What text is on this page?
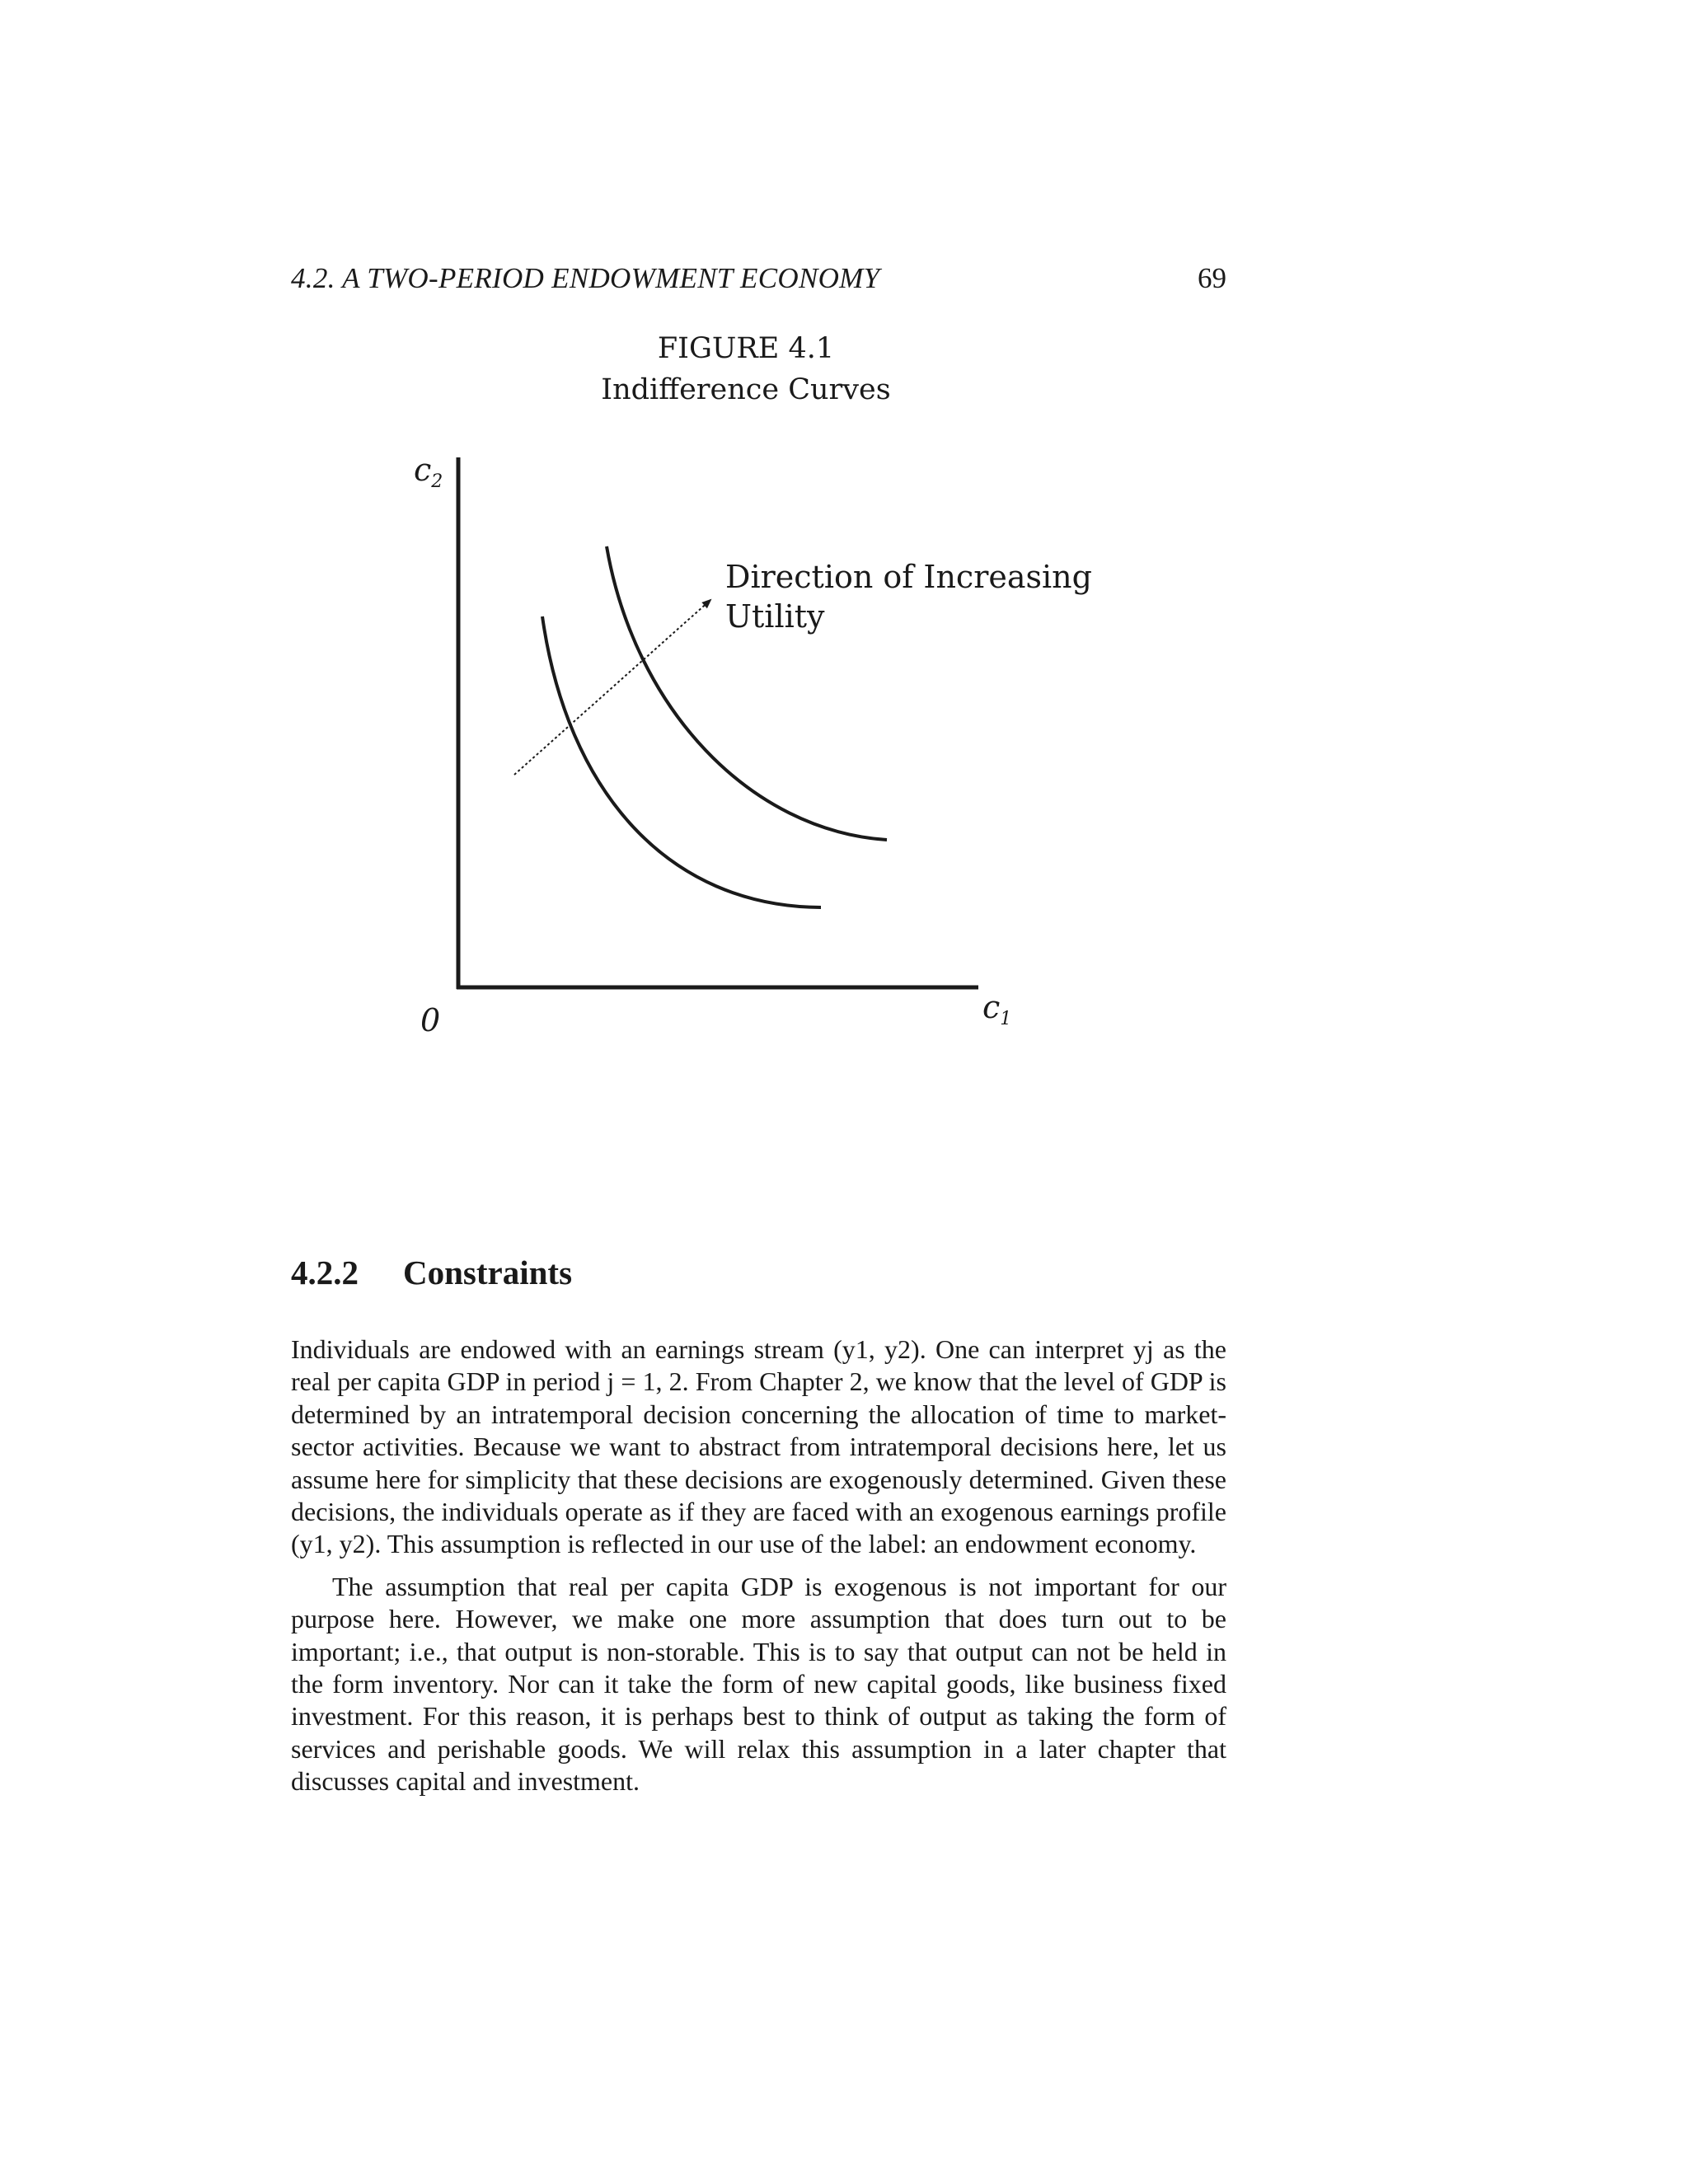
4.2. A TWO-PERIOD ENDOWMENT ECONOMY	69
FIGURE 4.1
Indifference Curves
$c_2$
$c_1$
0
Direction of Increasing
Utility
4.2.2 Constraints

Individuals are endowed with an earnings stream (y1, y2). One can interpret yj as the real per capita GDP in period j = 1, 2. From Chapter 2, we know that the level of GDP is determined by an intratemporal decision concerning the allocation of time to market-sector activities. Because we want to abstract from intratemporal decisions here, let us assume here for simplicity that these decisions are exogenously determined. Given these decisions, the individuals operate as if they are faced with an exogenous earnings profile (y1, y2). This assumption is reflected in our use of the label: an endowment economy.

The assumption that real per capita GDP is exogenous is not important for our purpose here. However, we make one more assumption that does turn out to be important; i.e., that output is non-storable. This is to say that output can not be held in the form inventory. Nor can it take the form of new capital goods, like business fixed investment. For this reason, it is perhaps best to think of output as taking the form of services and perishable goods. We will relax this assumption in a later chapter that discusses capital and investment.
